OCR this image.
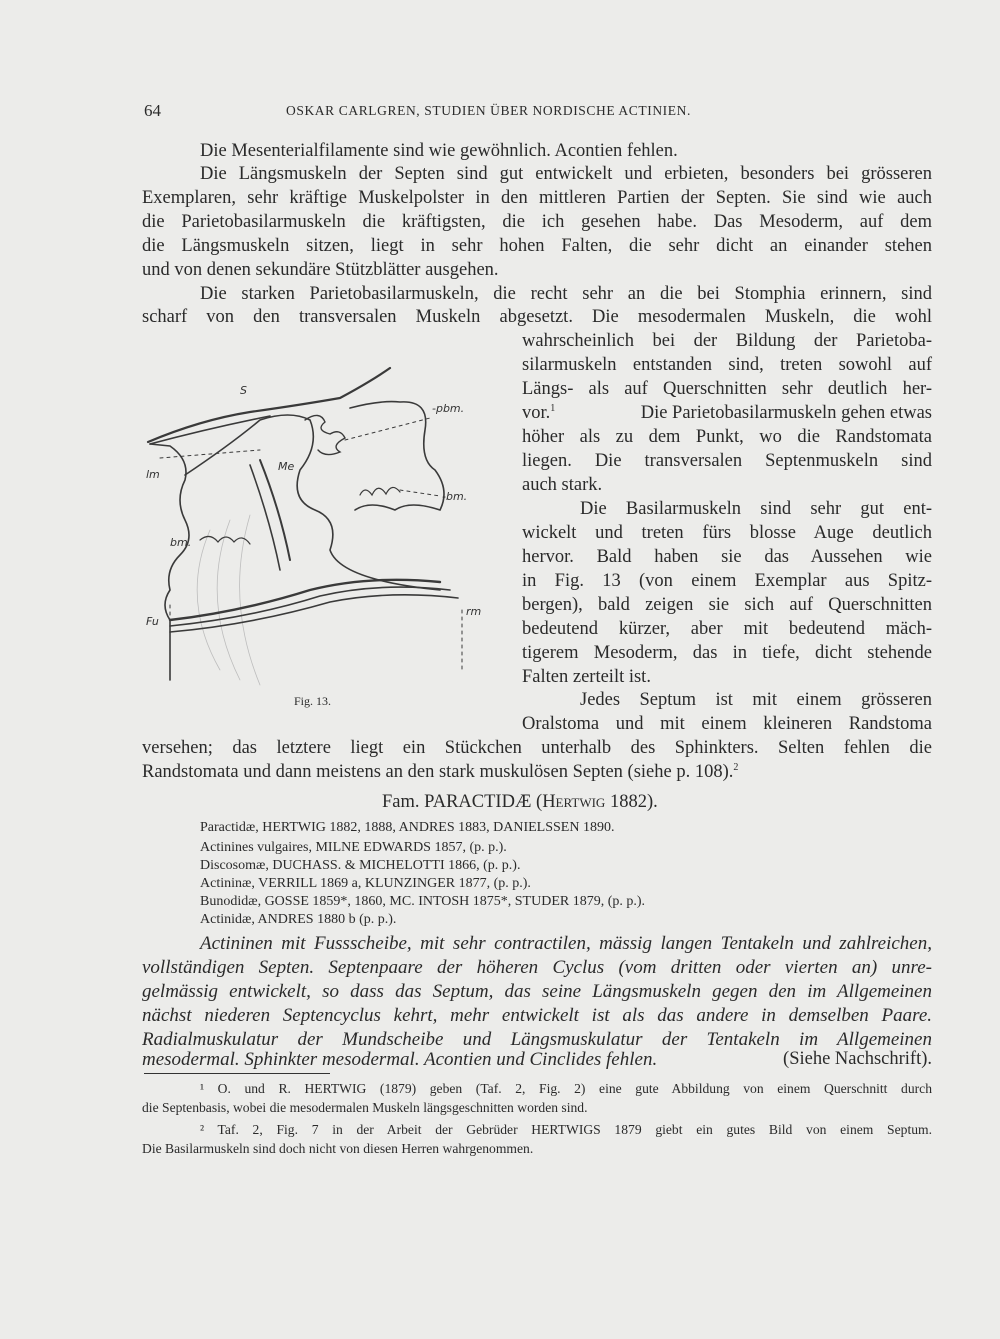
64	OSKAR CARLGREN, STUDIEN ÜBER NORDISCHE ACTINIEN.
Die Mesenterialfilamente sind wie gewöhnlich. Acontien fehlen.
Die Längsmuskeln der Septen sind gut entwickelt und erbieten, besonders bei grösseren
Exemplaren, sehr kräftige Muskelpolster in den mittleren Partien der Septen. Sie sind wie auch
die Parietobasilarmuskeln die kräftigsten, die ich gesehen habe. Das Mesoderm, auf dem
die Längsmuskeln sitzen, liegt in sehr hohen Falten, die sehr dicht an einander stehen
und von denen sekundäre Stützblätter ausgehen.
Die starken Parietobasilarmuskeln, die recht sehr an die bei Stomphia erinnern, sind
scharf von den transversalen Muskeln abgesetzt. Die mesodermalen Muskeln, die wohl
wahrscheinlich bei der Bildung der Parietoba-
silarmuskeln entstanden sind, treten sowohl auf
Längs- als auf Querschnitten sehr deutlich her-
vor.$^1$	Die Parietobasilarmuskeln gehen etwas
höher als zu dem Punkt, wo die Randstomata
liegen. Die transversalen Septenmuskeln sind
auch stark.
Die Basilarmuskeln sind sehr gut ent-
wickelt und treten fürs blosse Auge deutlich
hervor. Bald haben sie das Aussehen wie
in Fig. 13 (von einem Exemplar aus Spitz-
bergen), bald zeigen sie sich auf Querschnitten
bedeutend kürzer, aber mit bedeutend mäch-
tigerem Mesoderm, das in tiefe, dicht stehende
Falten zerteilt ist.
Jedes Septum ist mit einem grösseren
Oralstoma und mit einem kleineren Randstoma
versehen; das letztere liegt ein Stückchen unterhalb des Sphinkters. Selten fehlen die
Randstomata und dann meistens an den stark muskulösen Septen (siehe p. 108).$^2$
S
Me
-pbm.
-bm.
lm
bm.
Fu
rm
Fig. 13.
Fam. PARACTIDÆ (Hertwig 1882).
Paractidæ, HERTWIG 1882, 1888, ANDRES 1883, DANIELSSEN 1890.
Actinines vulgaires, MILNE EDWARDS 1857, (p. p.).
Discosomæ, DUCHASS. & MICHELOTTI 1866, (p. p.).
Actininæ, VERRILL 1869 a, KLUNZINGER 1877, (p. p.).
Bunodidæ, GOSSE 1859*, 1860, MC. INTOSH 1875*, STUDER 1879, (p. p.).
Actinidæ, ANDRES 1880 b (p. p.).
Actininen mit Fussscheibe, mit sehr contractilen, mässig langen Tentakeln und zahlreichen,
vollständigen Septen. Septenpaare der höheren Cyclus (vom dritten oder vierten an) unre-
gelmässig entwickelt, so dass das Septum, das seine Längsmuskeln gegen den im Allgemeinen
nächst niederen Septencyclus kehrt, mehr entwickelt ist als das andere in demselben Paare.
Radialmuskulatur der Mundscheibe und Längsmuskulatur der Tentakeln im Allgemeinen
mesodermal. Sphinkter mesodermal. Acontien und Cinclides fehlen.	(Siehe Nachschrift).
¹ O. und R. HERTWIG (1879) geben (Taf. 2, Fig. 2) eine gute Abbildung von einem Querschnitt durch
die Septenbasis, wobei die mesodermalen Muskeln längsgeschnitten worden sind.
² Taf. 2, Fig. 7 in der Arbeit der Gebrüder HERTWIGS 1879 giebt ein gutes Bild von einem Septum.
Die Basilarmuskeln sind doch nicht von diesen Herren wahrgenommen.
